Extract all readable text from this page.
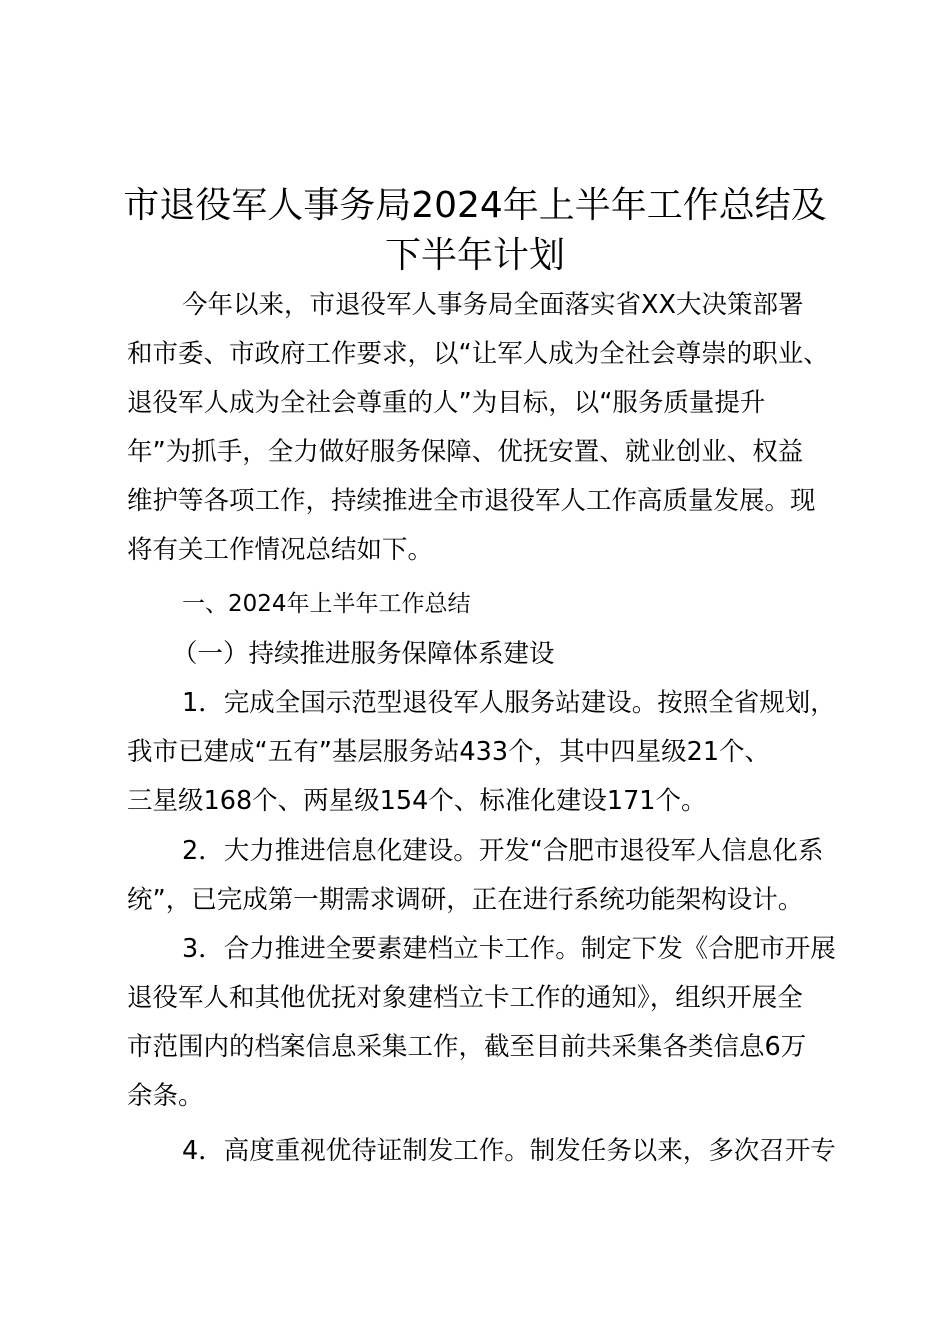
市退役军人事务局2024年上半年工作总结及
下半年计划
今年以来，市退役军人事务局全面落实省XX大决策部署
和市委、市政府工作要求，以“让军人成为全社会尊崇的职业、
退役军人成为全社会尊重的人”为目标，以“服务质量提升
年”为抓手，全力做好服务保障、优抚安置、就业创业、权益
维护等各项工作，持续推进全市退役军人工作高质量发展。现
将有关工作情况总结如下。
一、2024年上半年工作总结
（一）持续推进服务保障体系建设
1．完成全国示范型退役军人服务站建设。按照全省规划，
我市已建成“五有”基层服务站433个，其中四星级21个、
三星级168个、两星级154个、标准化建设171个。
2．大力推进信息化建设。开发“合肥市退役军人信息化系
统”，已完成第一期需求调研，正在进行系统功能架构设计。
3．合力推进全要素建档立卡工作。制定下发《合肥市开展
退役军人和其他优抚对象建档立卡工作的通知》，组织开展全
市范围内的档案信息采集工作，截至目前共采集各类信息6万
余条。
4．高度重视优待证制发工作。制发任务以来，多次召开专
